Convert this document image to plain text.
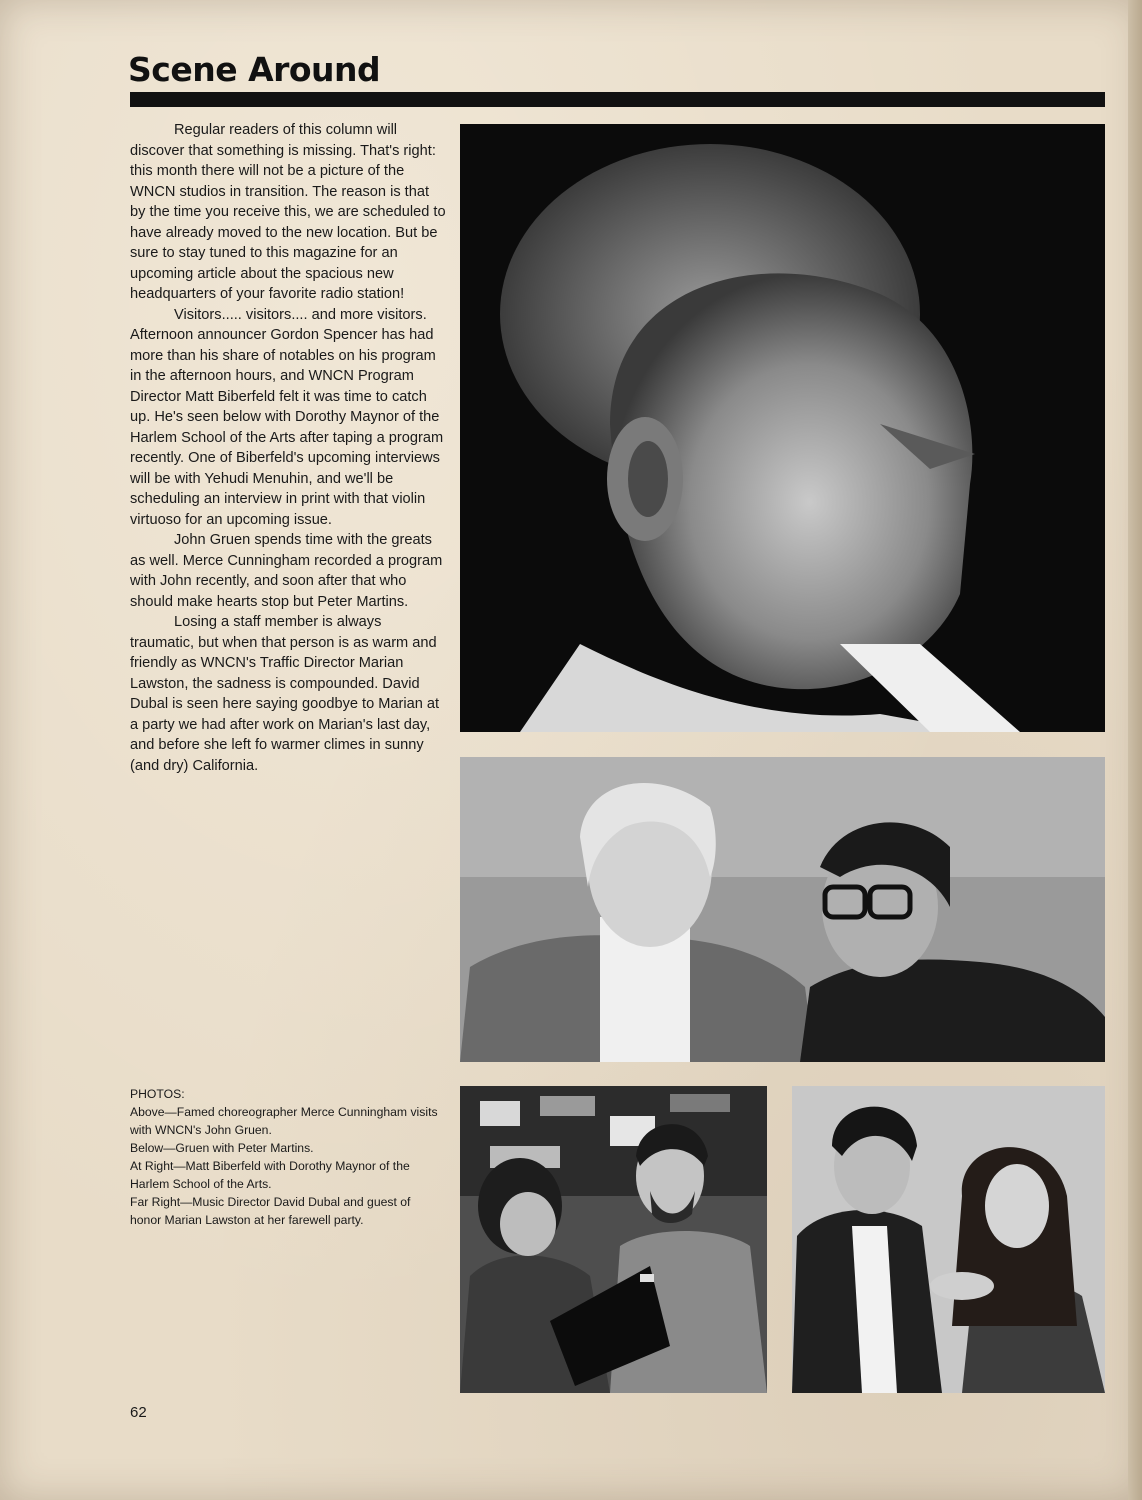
Scene Around

Regular readers of this column will discover that something is missing. That's right: this month there will not be a picture of the WNCN studios in transition. The reason is that by the time you receive this, we are scheduled to have already moved to the new location. But be sure to stay tuned to this magazine for an upcoming article about the spacious new headquarters of your favorite radio station!

Visitors..... visitors.... and more visitors. Afternoon announcer Gordon Spencer has had more than his share of notables on his program in the afternoon hours, and WNCN Program Director Matt Biberfeld felt it was time to catch up. He's seen below with Dorothy Maynor of the Harlem School of the Arts after taping a program recently. One of Biberfeld's upcoming interviews will be with Yehudi Menuhin, and we'll be scheduling an interview in print with that violin virtuoso for an upcoming issue.

John Gruen spends time with the greats as well. Merce Cunningham recorded a program with John recently, and soon after that who should make hearts stop but Peter Martins.

Losing a staff member is always traumatic, but when that person is as warm and friendly as WNCN's Traffic Director Marian Lawston, the sadness is compounded. David Dubal is seen here saying goodbye to Marian at a party we had after work on Marian's last day, and before she left fo warmer climes in sunny (and dry) California.

PHOTOS:
Above—Famed choreographer Merce Cunningham visits with WNCN's John Gruen.
Below—Gruen with Peter Martins.
At Right—Matt Biberfeld with Dorothy Maynor of the Harlem School of the Arts.
Far Right—Music Director David Dubal and guest of honor Marian Lawston at her farewell party.
62
